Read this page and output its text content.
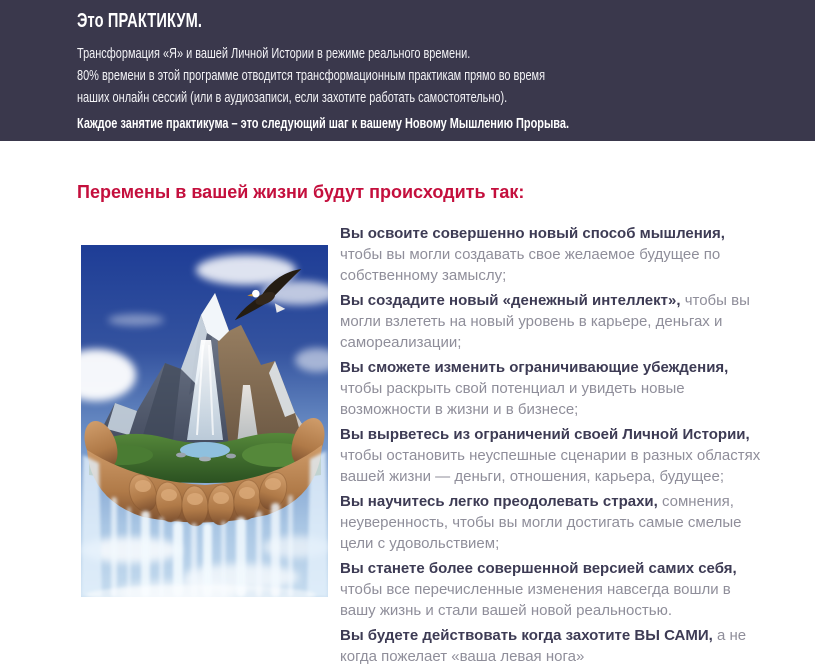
Это ПРАКТИКУМ.
Трансформация «Я» и вашей Личной Истории в режиме реального времени.
80% времени в этой программе отводится трансформационным практикам прямо во время
наших онлайн сессий (или в аудиозаписи, если захотите работать самостоятельно).
Каждое занятие практикума – это следующий шаг к вашему Новому Мышлению Прорыва.
Перемены в вашей жизни будут происходить так:

Вы освоите совершенно новый способ мышления, чтобы вы могли создавать свое желаемое будущее по собственному замыслу;

Вы создадите новый «денежный интеллект», чтобы вы могли взлететь на новый уровень в карьере, деньгах и самореализации;

Вы сможете изменить ограничивающие убеждения, чтобы раскрыть свой потенциал и увидеть новые возможности в жизни и в бизнесе;

Вы вырветесь из ограничений своей Личной Истории, чтобы остановить неуспешные сценарии в разных областях вашей жизни — деньги, отношения, карьера, будущее;

Вы научитесь легко преодолевать страхи, сомнения, неуверенность, чтобы вы могли достигать самые смелые цели с удовольствием;

Вы станете более совершенной версией самих себя, чтобы все перечисленные изменения навсегда вошли в вашу жизнь и стали вашей новой реальностью.

Вы будете действовать когда захотите ВЫ САМИ, а не когда пожелает «ваша левая нога»
